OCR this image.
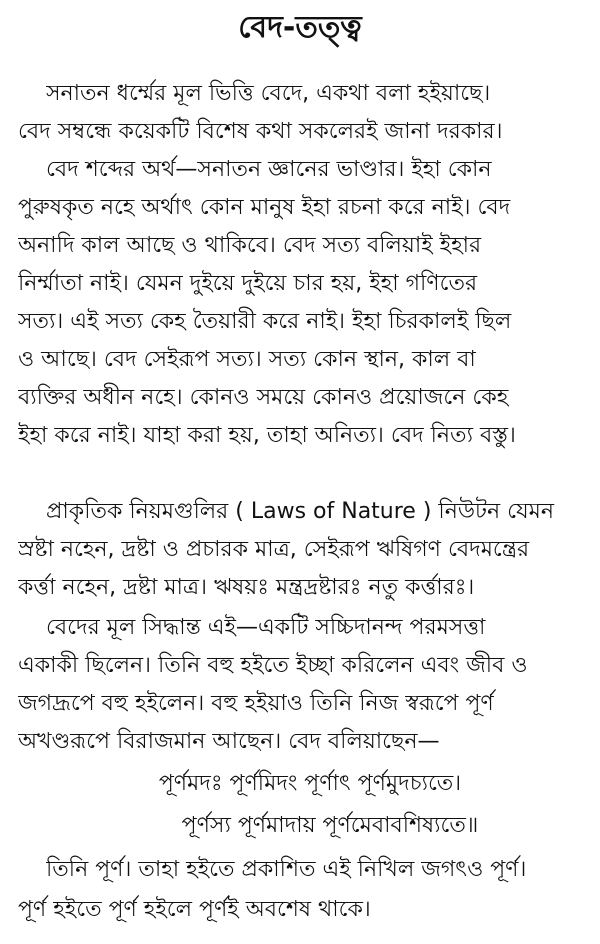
বেদ-তত্ত্ব
সনাতন ধর্ম্মের মূল ভিত্তি বেদে, একথা বলা হইয়াছে।
বেদ সম্বন্ধে কয়েকটি বিশেষ কথা সকলেরই জানা দরকার।
বেদ শব্দের অর্থ—সনাতন জ্ঞানের ভাণ্ডার। ইহা কোন
পুরুষকৃত নহে অর্থাৎ কোন মানুষ ইহা রচনা করে নাই। বেদ
অনাদি কাল আছে ও থাকিবে। বেদ সত্য বলিয়াই ইহার
নির্ম্মাতা নাই। যেমন দুইয়ে দুইয়ে চার হয়, ইহা গণিতের
সত্য। এই সত্য কেহ তৈয়ারী করে নাই। ইহা চিরকালই ছিল
ও আছে। বেদ সেইরূপ সত্য। সত্য কোন স্থান, কাল বা
ব্যক্তির অধীন নহে। কোনও সময়ে কোনও প্রয়োজনে কেহ
ইহা করে নাই। যাহা করা হয়, তাহা অনিত্য। বেদ নিত্য বস্তু।
প্রাকৃতিক নিয়মগুলির ( Laws of Nature ) নিউটন যেমন
স্রষ্টা নহেন, দ্রষ্টা ও প্রচারক মাত্র, সেইরূপ ঋষিগণ বেদমন্ত্রের
কর্ত্তা নহেন, দ্রষ্টা মাত্র। ঋষয়ঃ মন্ত্রদ্রষ্টারঃ নতু কর্ত্তারঃ।
বেদের মূল সিদ্ধান্ত এই—একটি সচ্চিদানন্দ পরমসত্তা
একাকী ছিলেন। তিনি বহু হইতে ইচ্ছা করিলেন এবং জীব ও
জগদ্রূপে বহু হইলেন। বহু হইয়াও তিনি নিজ স্বরূপে পূর্ণ
অখণ্ডরূপে বিরাজমান আছেন। বেদ বলিয়াছেন—
পূর্ণমদঃ পূর্ণমিদং পূর্ণাৎ পূর্ণমুদচ্যতে।
পূর্ণস্য পূর্ণমাদায় পূর্ণমেবাবশিষ্যতে॥
তিনি পূর্ণ। তাহা হইতে প্রকাশিত এই নিখিল জগৎও পূর্ণ।
পূর্ণ হইতে পূর্ণ হইলে পূর্ণই অবশেষ থাকে।
